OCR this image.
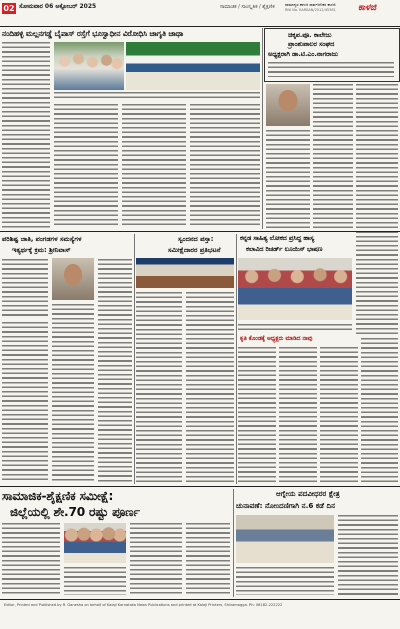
02 ಸೋಮವಾರ 06 ಅಕ್ಟೋಬರ್ 2025	ಸಾಮಾಜಿಕ / ಸಾಂಸ್ಕೃತಿಕ / ಶೈಕ್ಷಣಿಕ	ಸಾಮಾನ್ಯರ ಕಾಳಜಿ ಸಾರ್ವಜನಿಕರ ಕಾಳಜಿ
RNI No. KARKAN/2012/45381 ಕಾಳಜಿ
ನಂದಿಹಳ್ಳಿ ಮಲ್ಲನಗಡ್ಡೆ ಬೈಪಾಸ್ ರಸ್ತೆಗೆ ಭೂಸ್ವಾಧೀನ ವಿರೋಧಿಸಿ ಜಾಗೃತಿ ಜಾಥಾ	ಚಿಕ್ಕಪ.ಪೂ. ಕಾಲೇಜು
ಪ್ರಾಂಶುಪಾಲರ ಸಂಘದ
ಅಧ್ಯಕ್ಷರಾಗಿ ಡಾ.ಟಿ.ಎಂ.ನಾಗರಾಜು
ಪರಿಶಿಷ್ಟ ಜಾತಿ, ಪಂಗಡಗಳ ಸಮಸ್ಯೆಗಳ
ಇತ್ಯರ್ಥಕ್ಕೆ ಕ್ರಮ: ಶ್ರೀನಿವಾಸ್
ಸ್ವಂದನದ ಪಸ್ತಾ:
ಸಮೀಕ್ಷೆದಾರರ ಪ್ರತಿಭಟನೆ
ಕನ್ನಡ ಸಾಹಿತ್ಯ ಲೋಕದ ಪ್ರಸಿದ್ಧ ಹಾಸ್ಯ
ಕಲಾವಿದ ರಿಚರ್ಡ್ ಲೂಯಿಸ್ ಭಾಷಣ
ಕೃತಿ ಕೊಂಡಕ್ಕೆ ಅಧ್ಯಕ್ಷರು ಮಾಡಿದ ನಾವು
ಸಾಮಾಜಿಕ-ಶೈಕ್ಷಣಿಕ ಸಮೀಕ್ಷೆ:
ಜಿಲ್ಲೆಯಲ್ಲಿ ಶೇ.70 ರಷ್ಟು ಪೂರ್ಣ
ಆಗ್ನೇಯ ಪದವೀಧರರ ಕ್ಷೇತ್ರ
ಚುನಾವಣೆ: ನೋಂದಣಿಗಾಗಿ ನ.6 ಕಡೆ ದಿನ
Editor, Printed and Published by R. Ganesha on behalf of Kalaji Karnataka News Publications and printed at Kalaji Printers, Shivamogga. Ph: 08182-222222
